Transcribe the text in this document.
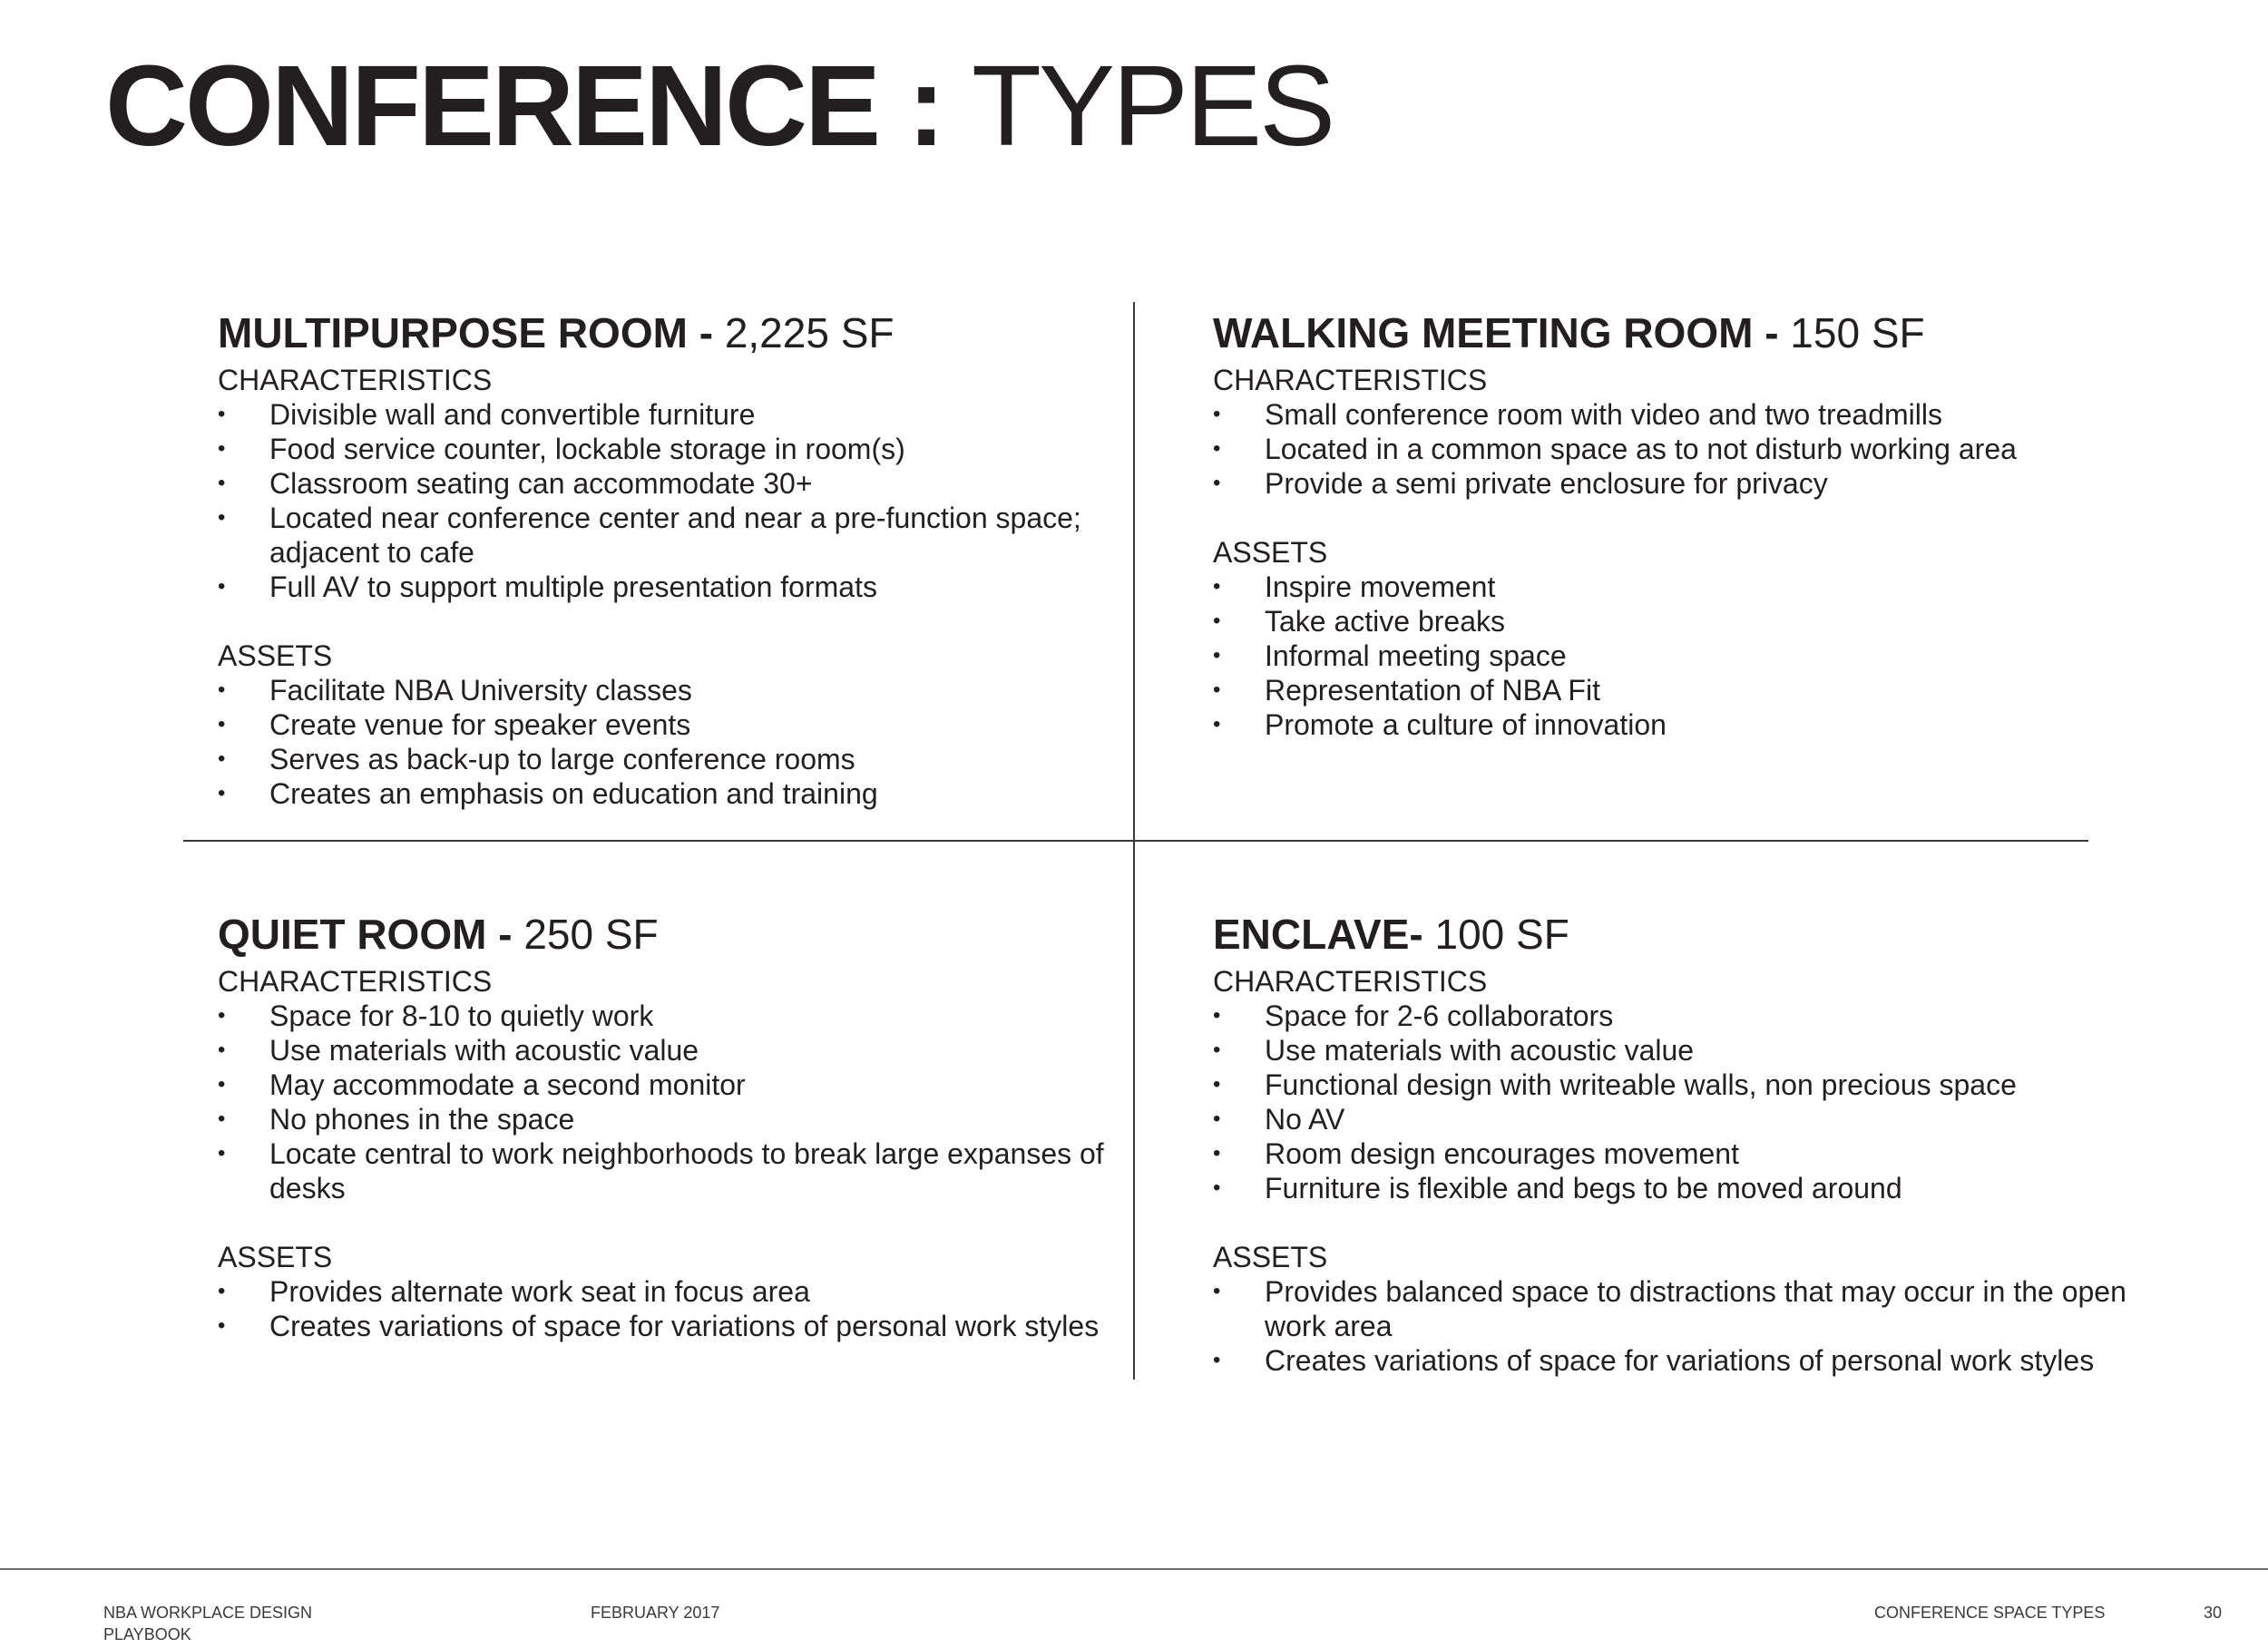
CONFERENCE : TYPES
MULTIPURPOSE ROOM - 2,225 SF
CHARACTERISTICS
• Divisible wall and convertible furniture
• Food service counter, lockable storage in room(s)
• Classroom seating can accommodate 30+
• Located near conference center and near a pre-function space; adjacent to cafe
• Full AV to support multiple presentation formats
ASSETS
• Facilitate NBA University classes
• Create venue for speaker events
• Serves as back-up to large conference rooms
• Creates an emphasis on education and training
WALKING MEETING ROOM - 150 SF
CHARACTERISTICS
• Small conference room with video and two treadmills
• Located in a common space as to not disturb working area
• Provide a semi private enclosure for privacy
ASSETS
• Inspire movement
• Take active breaks
• Informal meeting space
• Representation of NBA Fit
• Promote a culture of innovation
QUIET ROOM - 250 SF
CHARACTERISTICS
• Space for 8-10 to quietly work
• Use materials with acoustic value
• May accommodate a second monitor
• No phones in the space
• Locate central to work neighborhoods to break large expanses of desks
ASSETS
• Provides alternate work seat in focus area
• Creates variations of space for variations of personal work styles
ENCLAVE- 100 SF
CHARACTERISTICS
• Space for 2-6 collaborators
• Use materials with acoustic value
• Functional design with writeable walls, non precious space
• No AV
• Room design encourages movement
• Furniture is flexible and begs to be moved around
ASSETS
• Provides balanced space to distractions that may occur in the open work area
• Creates variations of space for variations of personal work styles
NBA WORKPLACE DESIGN PLAYBOOK
FEBRUARY 2017	CONFERENCE SPACE TYPES	30
